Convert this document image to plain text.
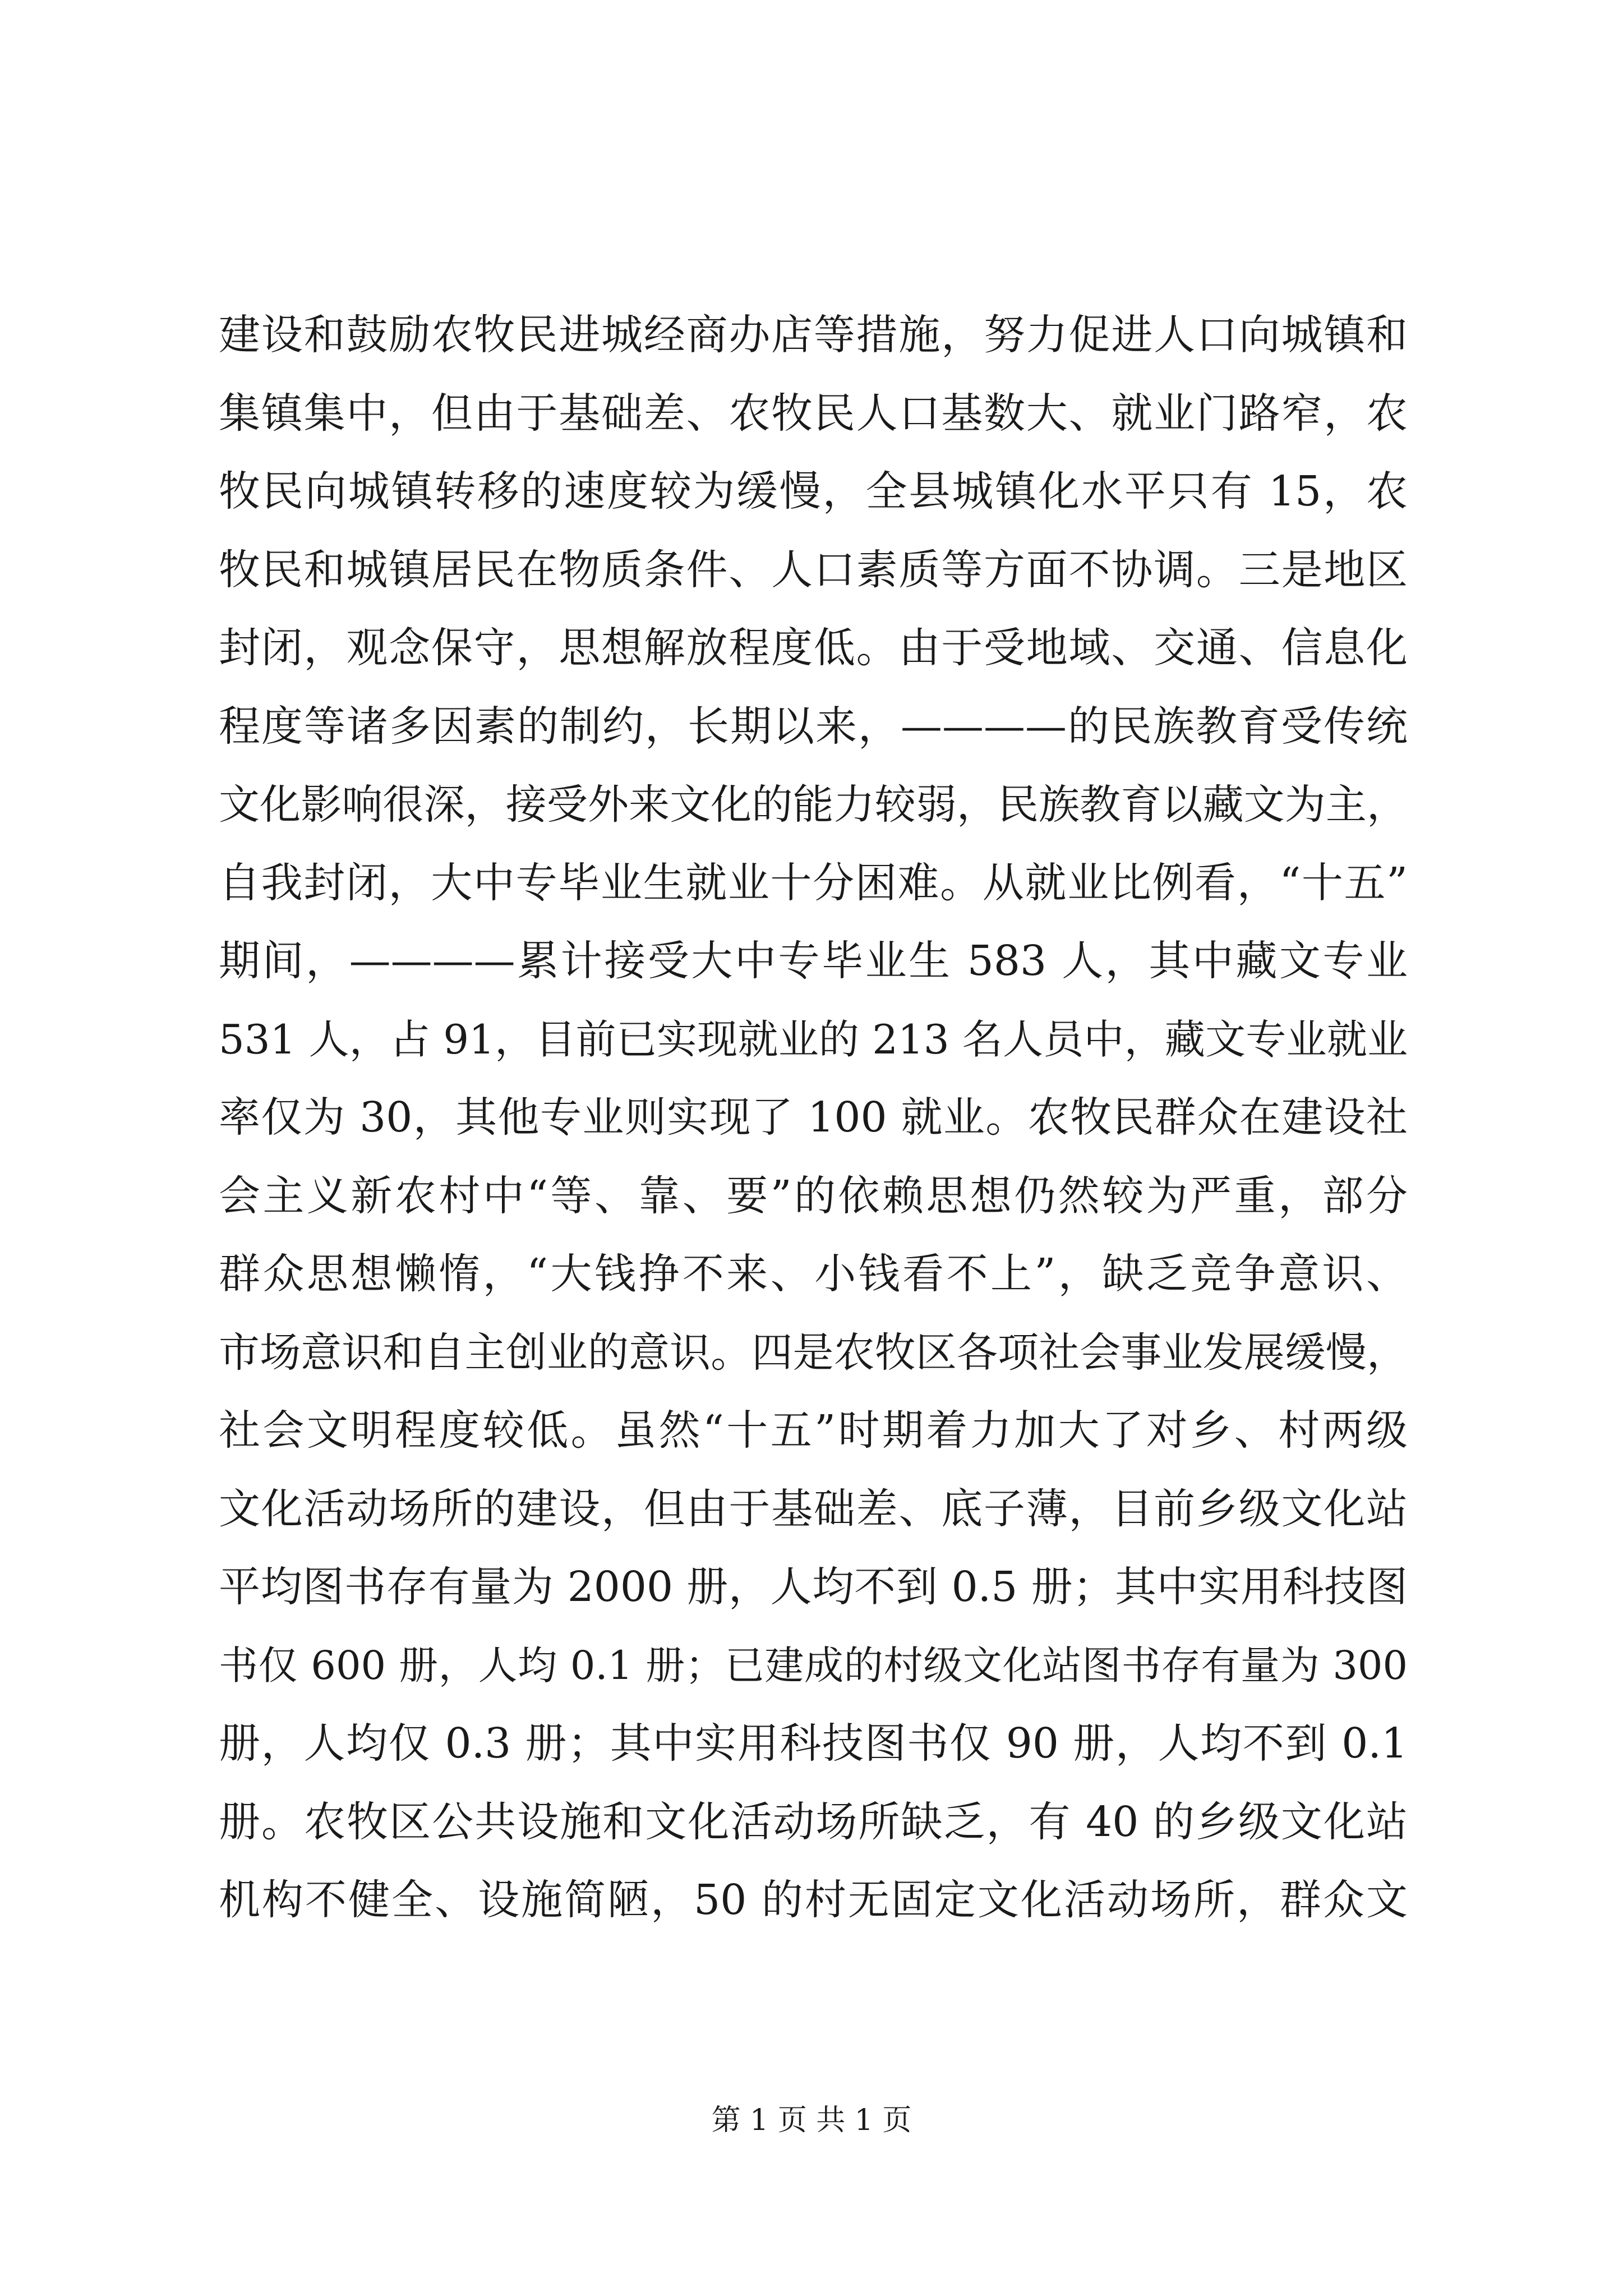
建设和鼓励农牧民进城经商办店等措施，努力促进人口向城镇和
集镇集中，但由于基础差、农牧民人口基数大、就业门路窄，农
牧民向城镇转移的速度较为缓慢，全县城镇化水平只有 15，农
牧民和城镇居民在物质条件、人口素质等方面不协调。三是地区
封闭，观念保守，思想解放程度低。由于受地域、交通、信息化
程度等诸多因素的制约，长期以来，————的民族教育受传统
文化影响很深，接受外来文化的能力较弱，民族教育以藏文为主，
自我封闭，大中专毕业生就业十分困难。从就业比例看，“十五”
期间，————累计接受大中专毕业生 583 人，其中藏文专业
531 人，占 91，目前已实现就业的 213 名人员中，藏文专业就业
率仅为 30，其他专业则实现了 100 就业。农牧民群众在建设社
会主义新农村中“等、靠、要”的依赖思想仍然较为严重，部分
群众思想懒惰，“大钱挣不来、小钱看不上”，缺乏竞争意识、
市场意识和自主创业的意识。四是农牧区各项社会事业发展缓慢，
社会文明程度较低。虽然“十五”时期着力加大了对乡、村两级
文化活动场所的建设，但由于基础差、底子薄，目前乡级文化站
平均图书存有量为 2000 册，人均不到 0.5 册；其中实用科技图
书仅 600 册，人均 0.1 册；已建成的村级文化站图书存有量为 300
册，人均仅 0.3 册；其中实用科技图书仅 90 册，人均不到 0.1
册。农牧区公共设施和文化活动场所缺乏，有 40 的乡级文化站
机构不健全、设施简陋，50 的村无固定文化活动场所，群众文
第 1 页 共 1 页
